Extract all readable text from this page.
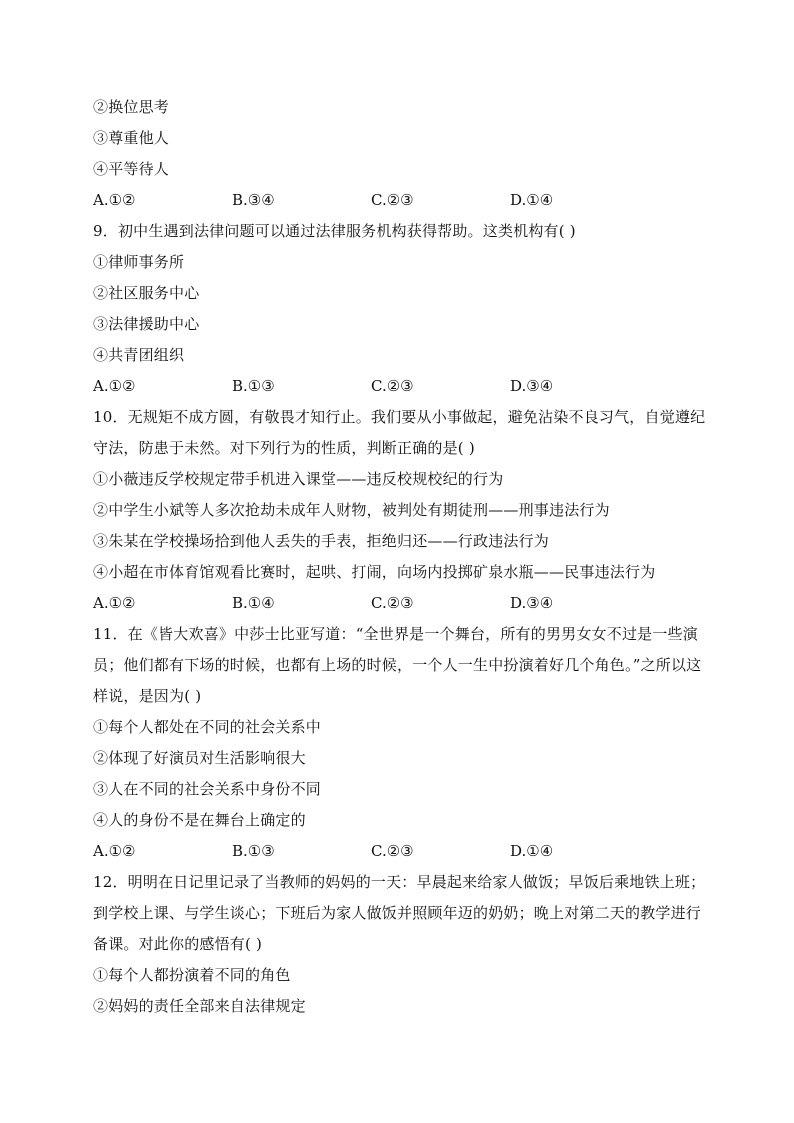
②换位思考
③尊重他人
④平等待人
A.①②	B.③④	C.②③	D.①④
9．初中生遇到法律问题可以通过法律服务机构获得帮助。这类机构有( )
①律师事务所
②社区服务中心
③法律援助中心
④共青团组织
A.①②	B.①③	C.②③	D.③④
10．无规矩不成方圆，有敬畏才知行止。我们要从小事做起，避免沾染不良习气，自觉遵纪守法，防患于未然。对下列行为的性质，判断正确的是( )
①小薇违反学校规定带手机进入课堂——违反校规校纪的行为
②中学生小斌等人多次抢劫未成年人财物，被判处有期徒刑——刑事违法行为
③朱某在学校操场拾到他人丢失的手表，拒绝归还——行政违法行为
④小超在市体育馆观看比赛时，起哄、打闹，向场内投掷矿泉水瓶——民事违法行为
A.①②	B.①④	C.②③	D.③④
11．在《皆大欢喜》中莎士比亚写道：“全世界是一个舞台，所有的男男女女不过是一些演员；他们都有下场的时候，也都有上场的时候，一个人一生中扮演着好几个角色。”之所以这样说，是因为( )
①每个人都处在不同的社会关系中
②体现了好演员对生活影响很大
③人在不同的社会关系中身份不同
④人的身份不是在舞台上确定的
A.①②	B.①③	C.②③	D.①④
12．明明在日记里记录了当教师的妈妈的一天：早晨起来给家人做饭；早饭后乘地铁上班；到学校上课、与学生谈心；下班后为家人做饭并照顾年迈的奶奶；晚上对第二天的教学进行备课。对此你的感悟有( )
①每个人都扮演着不同的角色
②妈妈的责任全部来自法律规定
